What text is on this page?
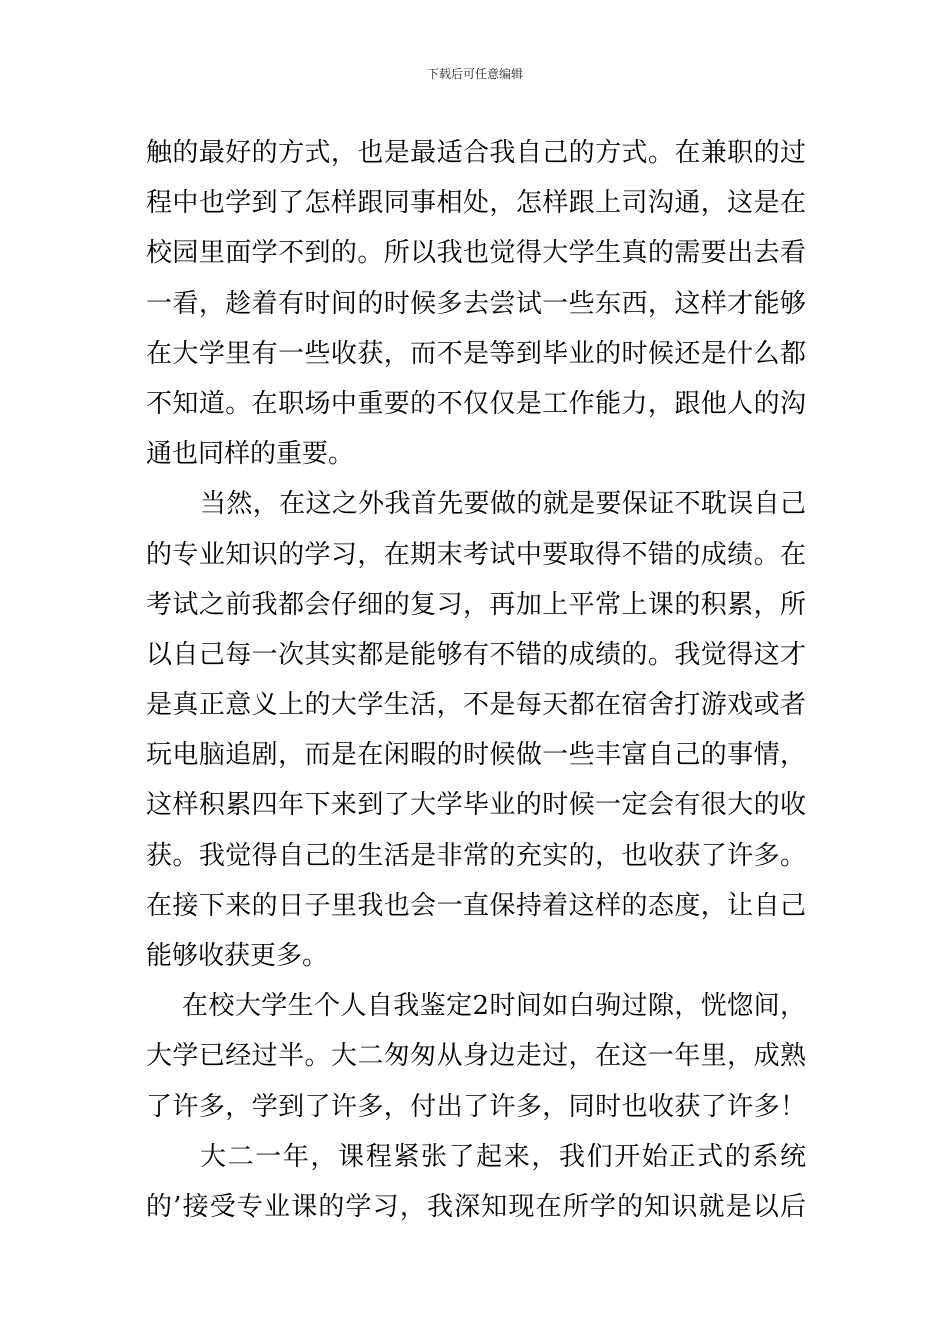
下载后可任意编辑
触的最好的方式，也是最适合我自己的方式。在兼职的过
程中也学到了怎样跟同事相处，怎样跟上司沟通，这是在
校园里面学不到的。所以我也觉得大学生真的需要出去看
一看，趁着有时间的时候多去尝试一些东西，这样才能够
在大学里有一些收获，而不是等到毕业的时候还是什么都
不知道。在职场中重要的不仅仅是工作能力，跟他人的沟
通也同样的重要。
当然，在这之外我首先要做的就是要保证不耽误自己
的专业知识的学习，在期末考试中要取得不错的成绩。在
考试之前我都会仔细的复习，再加上平常上课的积累，所
以自己每一次其实都是能够有不错的成绩的。我觉得这才
是真正意义上的大学生活，不是每天都在宿舍打游戏或者
玩电脑追剧，而是在闲暇的时候做一些丰富自己的事情，
这样积累四年下来到了大学毕业的时候一定会有很大的收
获。我觉得自己的生活是非常的充实的，也收获了许多。
在接下来的日子里我也会一直保持着这样的态度，让自己
能够收获更多。
在校大学生个人自我鉴定2时间如白驹过隙，恍惚间，
大学已经过半。大二匆匆从身边走过，在这一年里，成熟
了许多，学到了许多，付出了许多，同时也收获了许多！
大二一年，课程紧张了起来，我们开始正式的系统
的’接受专业课的学习，我深知现在所学的知识就是以后
